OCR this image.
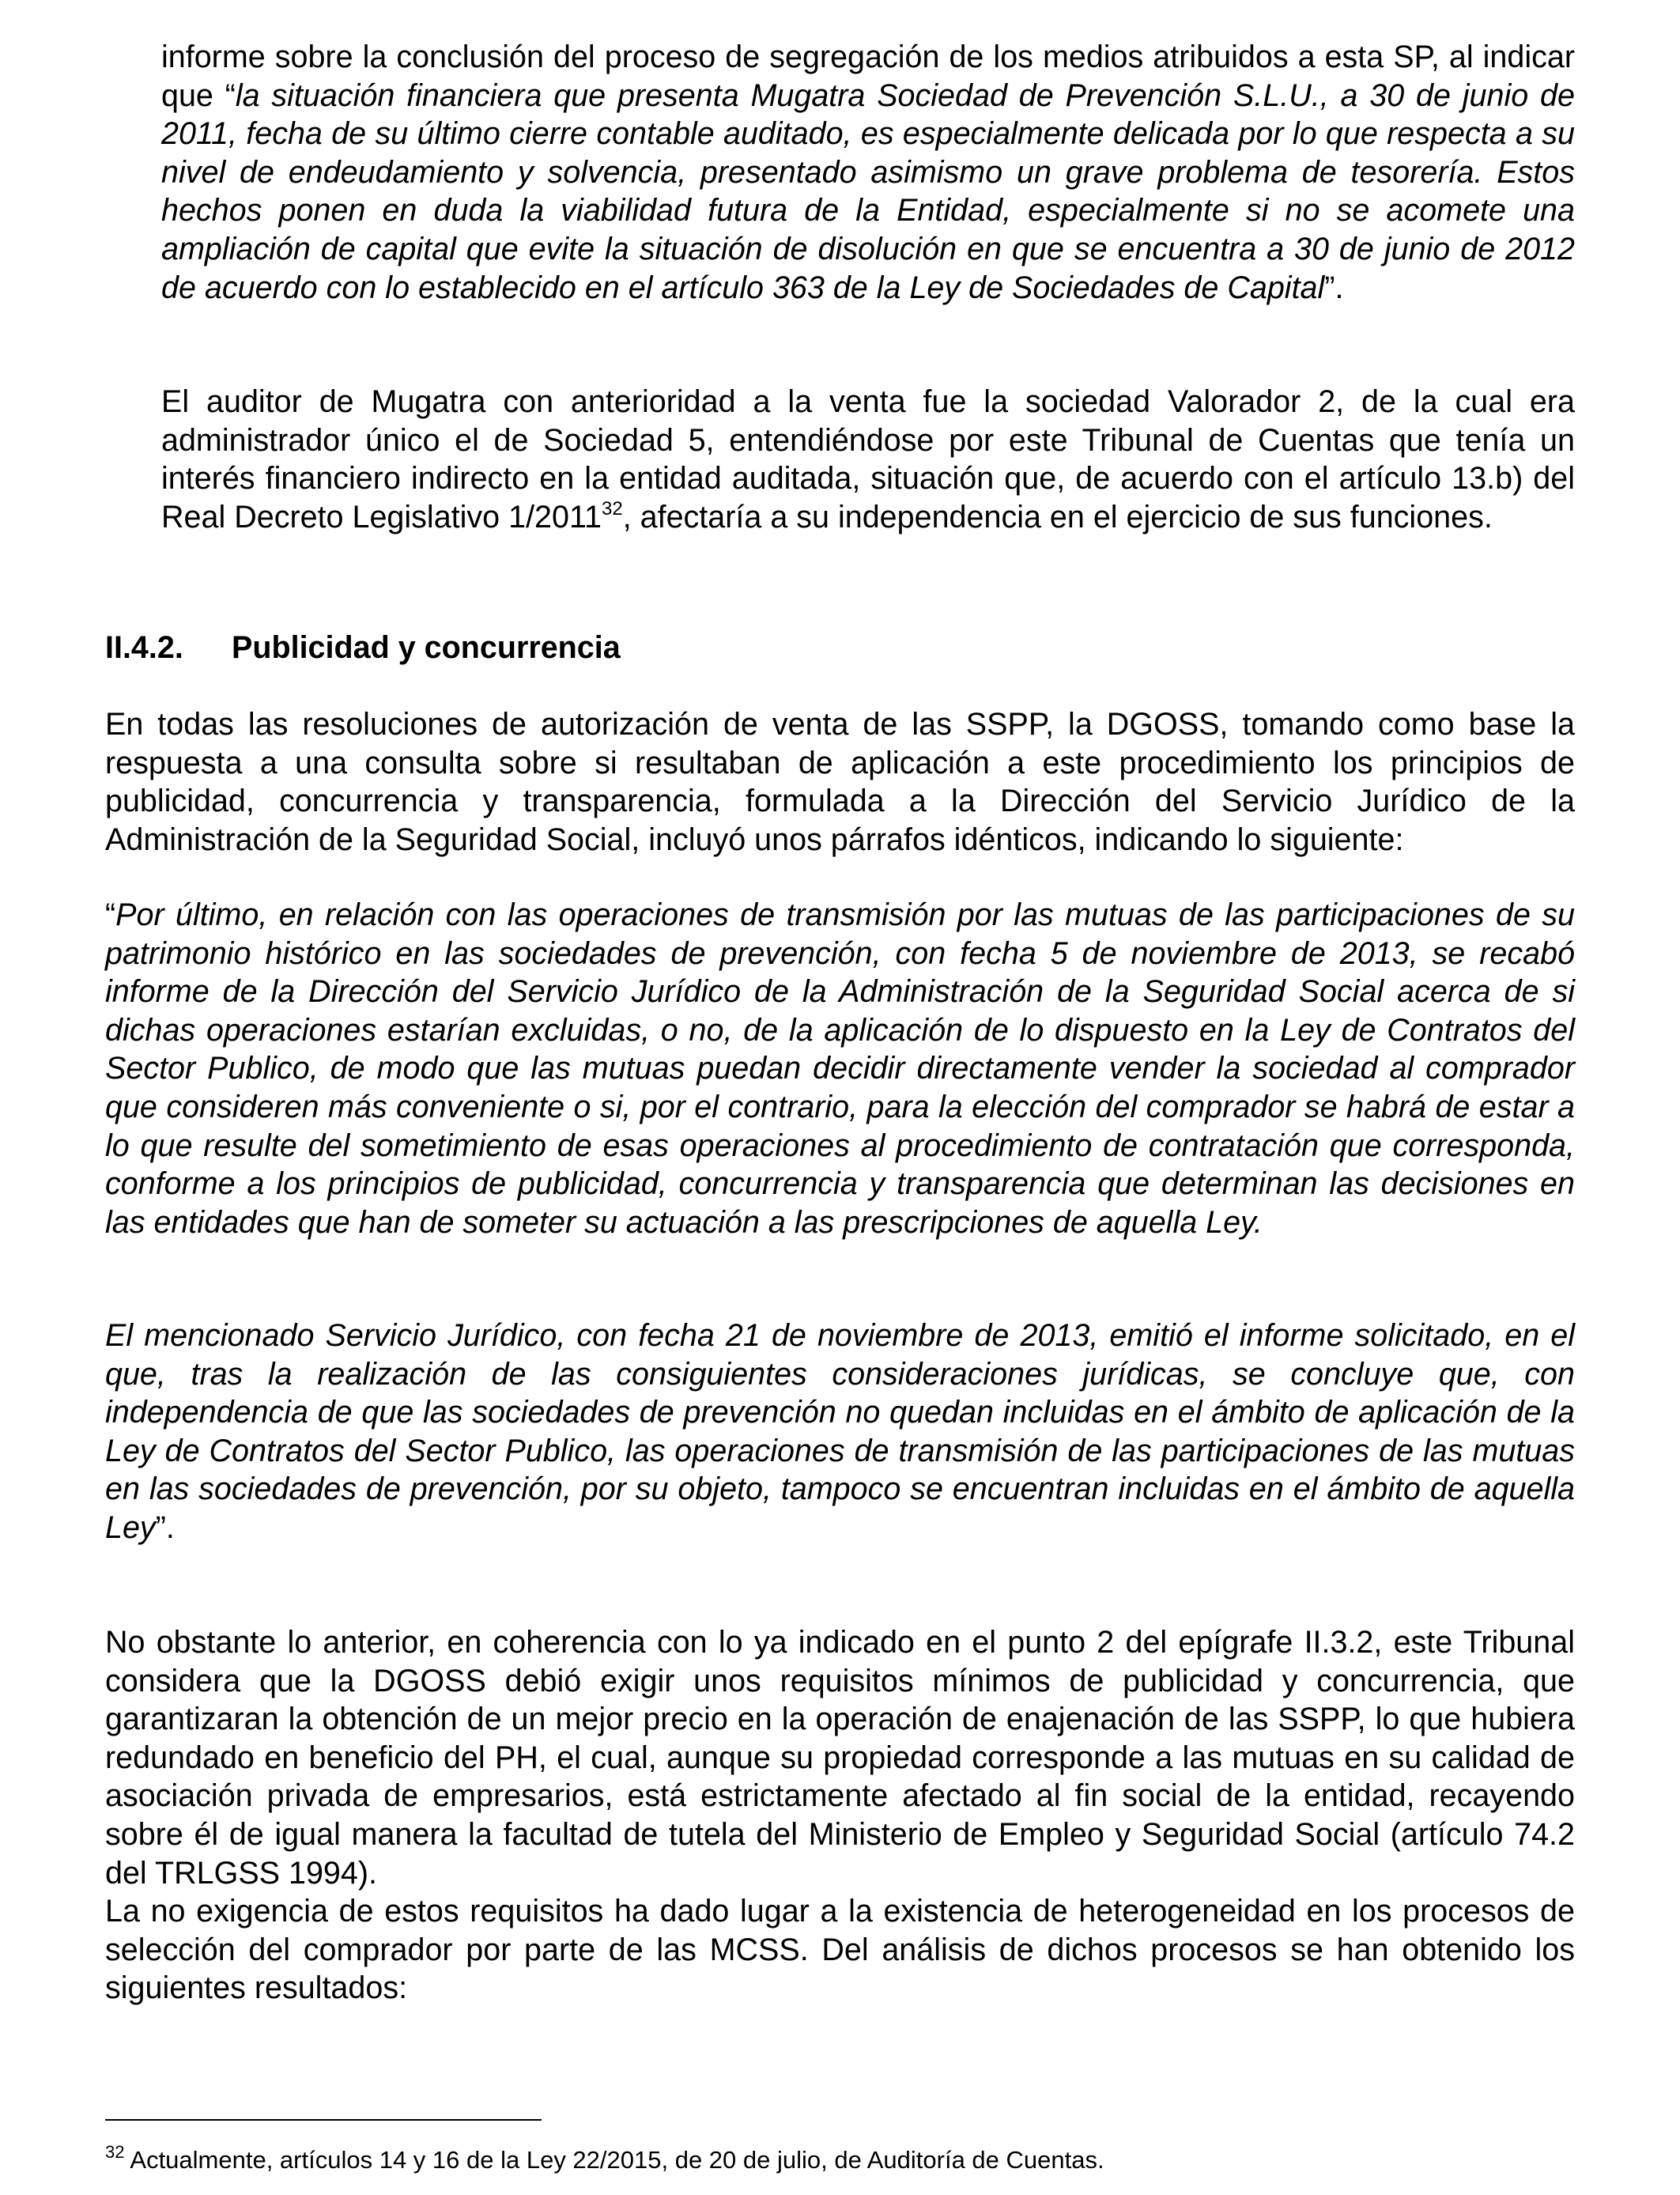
informe sobre la conclusión del proceso de segregación de los medios atribuidos a esta SP, al indicar que “la situación financiera que presenta Mugatra Sociedad de Prevención S.L.U., a 30 de junio de 2011, fecha de su último cierre contable auditado, es especialmente delicada por lo que respecta a su nivel de endeudamiento y solvencia, presentado asimismo un grave problema de tesorería. Estos hechos ponen en duda la viabilidad futura de la Entidad, especialmente si no se acomete una ampliación de capital que evite la situación de disolución en que se encuentra a 30 de junio de 2012 de acuerdo con lo establecido en el artículo 363 de la Ley de Sociedades de Capital”.

El auditor de Mugatra con anterioridad a la venta fue la sociedad Valorador 2, de la cual era administrador único el de Sociedad 5, entendiéndose por este Tribunal de Cuentas que tenía un interés financiero indirecto en la entidad auditada, situación que, de acuerdo con el artículo 13.b) del Real Decreto Legislativo 1/2011$^{32}$, afectaría a su independencia en el ejercicio de sus funciones.

II.4.2. Publicidad y concurrencia

En todas las resoluciones de autorización de venta de las SSPP, la DGOSS, tomando como base la respuesta a una consulta sobre si resultaban de aplicación a este procedimiento los principios de publicidad, concurrencia y transparencia, formulada a la Dirección del Servicio Jurídico de la Administración de la Seguridad Social, incluyó unos párrafos idénticos, indicando lo siguiente:

“Por último, en relación con las operaciones de transmisión por las mutuas de las participaciones de su patrimonio histórico en las sociedades de prevención, con fecha 5 de noviembre de 2013, se recabó informe de la Dirección del Servicio Jurídico de la Administración de la Seguridad Social acerca de si dichas operaciones estarían excluidas, o no, de la aplicación de lo dispuesto en la Ley de Contratos del Sector Publico, de modo que las mutuas puedan decidir directamente vender la sociedad al comprador que consideren más conveniente o si, por el contrario, para la elección del comprador se habrá de estar a lo que resulte del sometimiento de esas operaciones al procedimiento de contratación que corresponda, conforme a los principios de publicidad, concurrencia y transparencia que determinan las decisiones en las entidades que han de someter su actuación a las prescripciones de aquella Ley.

El mencionado Servicio Jurídico, con fecha 21 de noviembre de 2013, emitió el informe solicitado, en el que, tras la realización de las consiguientes consideraciones jurídicas, se concluye que, con independencia de que las sociedades de prevención no quedan incluidas en el ámbito de aplicación de la Ley de Contratos del Sector Publico, las operaciones de transmisión de las participaciones de las mutuas en las sociedades de prevención, por su objeto, tampoco se encuentran incluidas en el ámbito de aquella Ley”.

No obstante lo anterior, en coherencia con lo ya indicado en el punto 2 del epígrafe II.3.2, este Tribunal considera que la DGOSS debió exigir unos requisitos mínimos de publicidad y concurrencia, que garantizaran la obtención de un mejor precio en la operación de enajenación de las SSPP, lo que hubiera redundado en beneficio del PH, el cual, aunque su propiedad corresponde a las mutuas en su calidad de asociación privada de empresarios, está estrictamente afectado al fin social de la entidad, recayendo sobre él de igual manera la facultad de tutela del Ministerio de Empleo y Seguridad Social (artículo 74.2 del TRLGSS 1994).

La no exigencia de estos requisitos ha dado lugar a la existencia de heterogeneidad en los procesos de selección del comprador por parte de las MCSS. Del análisis de dichos procesos se han obtenido los siguientes resultados:

$^{32}$ Actualmente, artículos 14 y 16 de la Ley 22/2015, de 20 de julio, de Auditoría de Cuentas.
